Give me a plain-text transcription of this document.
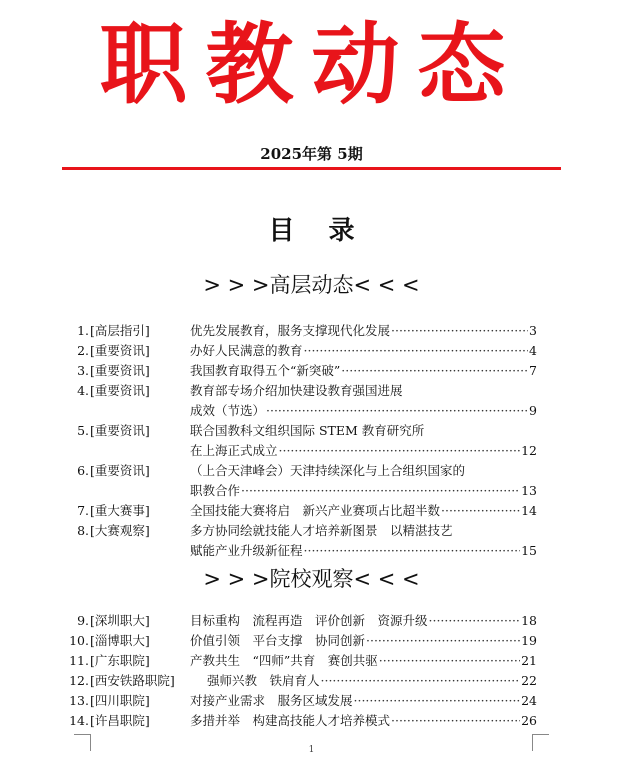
职教动态
2025年第 5期
目录
> > >高层动态< < <
1. [高层指引]	优先发展教育，服务支撑现代化发展 ·····	3
2. [重要资讯]	办好人民满意的教育 ·····	4
3. [重要资讯]	我国教育取得五个“新突破” ·····	7
4. [重要资讯]	教育部专场介绍加快建设教育强国进展
成效（节选） ·····	9
5. [重要资讯]	联合国教科文组织国际 STEM 教育研究所
在上海正式成立 ·····	12
6. [重要资讯]	（上合天津峰会）天津持续深化与上合组织国家的
职教合作 ·····	13
7. [重大赛事]	全国技能大赛将启　新兴产业赛项占比超半数 ·····	14
8. [大赛观察]	多方协同绘就技能人才培养新图景　以精湛技艺
赋能产业升级新征程 ·····	15
> > >院校观察< < <
9. [深圳职大]	目标重构　流程再造　评价创新　资源升级 ·····	18
10. [淄博职大]	价值引领　平台支撑　协同创新 ·····	19
11. [广东职院]	产教共生　“四师”共育　赛创共驱 ·····	21
12. [西安铁路职院]	强师兴教　铁肩育人 ·····	22
13. [四川职院]	对接产业需求　服务区域发展 ·····	24
14. [许昌职院]	多措并举　构建高技能人才培养模式 ·····	26
1
